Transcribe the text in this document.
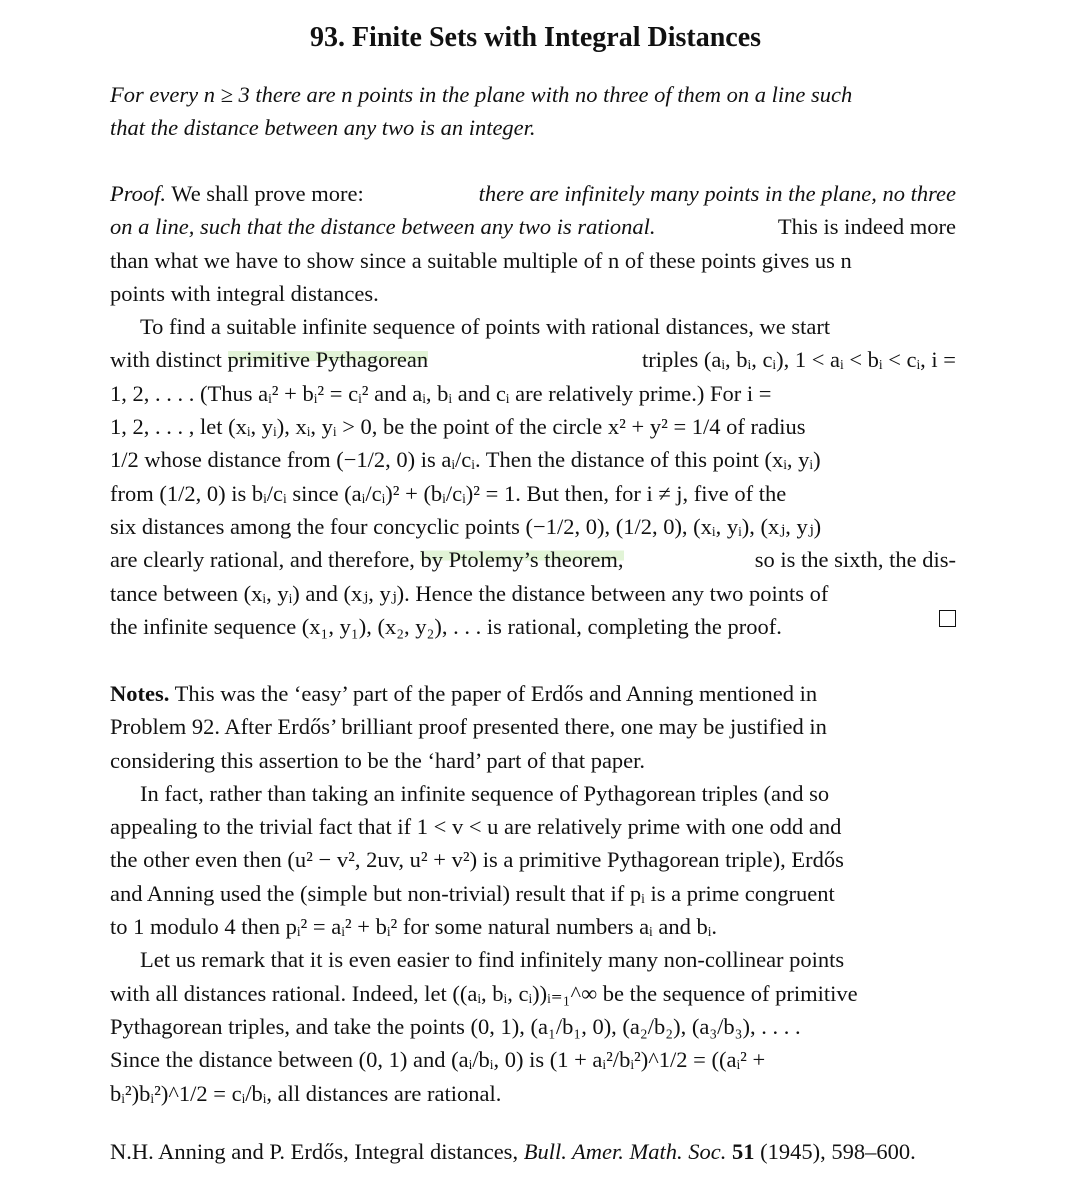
93. Finite Sets with Integral Distances
For every n ≥ 3 there are n points in the plane with no three of them on a line such
that the distance between any two is an integer.
Proof. We shall prove more:	there are infinitely many points in the plane, no three
on a line, such that the distance between any two is rational.	This is indeed more
than what we have to show since a suitable multiple of n of these points gives us n
points with integral distances.
To find a suitable infinite sequence of points with rational distances, we start
with distinct primitive Pythagorean	triples (aᵢ, bᵢ, cᵢ), 1 < aᵢ < bᵢ < cᵢ, i =
1, 2, . . . . (Thus aᵢ² + bᵢ² = cᵢ² and aᵢ, bᵢ and cᵢ are relatively prime.) For i =
1, 2, . . . , let (xᵢ, yᵢ), xᵢ, yᵢ > 0, be the point of the circle x² + y² = 1/4 of radius
1/2 whose distance from (−1/2, 0) is aᵢ/cᵢ. Then the distance of this point (xᵢ, yᵢ)
from (1/2, 0) is bᵢ/cᵢ since (aᵢ/cᵢ)² + (bᵢ/cᵢ)² = 1. But then, for i ≠ j, five of the
six distances among the four concyclic points (−1/2, 0), (1/2, 0), (xᵢ, yᵢ), (xⱼ, yⱼ)
are clearly rational, and therefore, by Ptolemy’s theorem,	so is the sixth, the dis-
tance between (xᵢ, yᵢ) and (xⱼ, yⱼ). Hence the distance between any two points of
the infinite sequence (x₁, y₁), (x₂, y₂), . . . is rational, completing the proof.
Notes. This was the ‘easy’ part of the paper of Erdős and Anning mentioned in
Problem 92. After Erdős’ brilliant proof presented there, one may be justified in
considering this assertion to be the ‘hard’ part of that paper.
In fact, rather than taking an infinite sequence of Pythagorean triples (and so
appealing to the trivial fact that if 1 < v < u are relatively prime with one odd and
the other even then (u² − v², 2uv, u² + v²) is a primitive Pythagorean triple), Erdős
and Anning used the (simple but non-trivial) result that if pᵢ is a prime congruent
to 1 modulo 4 then pᵢ² = aᵢ² + bᵢ² for some natural numbers aᵢ and bᵢ.
Let us remark that it is even easier to find infinitely many non-collinear points
with all distances rational. Indeed, let ((aᵢ, bᵢ, cᵢ))ᵢ₌₁^∞ be the sequence of primitive
Pythagorean triples, and take the points (0, 1), (a₁/b₁, 0), (a₂/b₂), (a₃/b₃), . . . .
Since the distance between (0, 1) and (aᵢ/bᵢ, 0) is (1 + aᵢ²/bᵢ²)^1/2 = ((aᵢ² +
bᵢ²)bᵢ²)^1/2 = cᵢ/bᵢ, all distances are rational.
N.H. Anning and P. Erdős, Integral distances, Bull. Amer. Math. Soc. 51 (1945), 598–600.
